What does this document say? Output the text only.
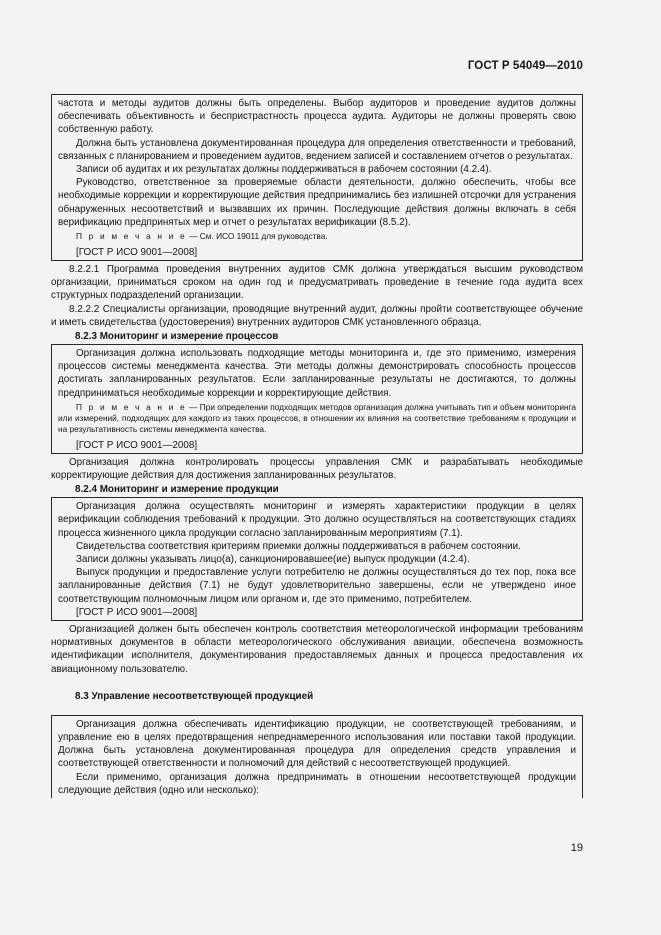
ГОСТ Р 54049—2010

частота и методы аудитов должны быть определены. Выбор аудиторов и проведение аудитов должны обеспечивать объективность и беспристрастность процесса аудита. Аудиторы не должны проверять свою собственную работу.

Должна быть установлена документированная процедура для определения ответственности и требований, связанных с планированием и проведением аудитов, ведением записей и составлением отчетов о результатах.

Записи об аудитах и их результатах должны поддерживаться в рабочем состоянии (4.2.4).

Руководство, ответственное за проверяемые области деятельности, должно обеспечить, чтобы все необходимые коррекции и корректирующие действия предпринимались без излишней отсрочки для устранения обнаруженных несоответствий и вызвавших их причин. Последующие действия должны включать в себя верификацию предпринятых мер и отчет о результатах верификации (8.5.2).

П р и м е ч а н и е — См. ИСО 19011 для руководства.

[ГОСТ Р ИСО 9001—2008]

8.2.2.1 Программа проведения внутренних аудитов СМК должна утверждаться высшим руководством организации, приниматься сроком на один год и предусматривать проведение в течение года аудита всех структурных подразделений организации.

8.2.2.2 Специалисты организации, проводящие внутренний аудит, должны пройти соответствующее обучение и иметь свидетельства (удостоверения) внутренних аудиторов СМК установленного образца.

8.2.3 Мониторинг и измерение процессов

Организация должна использовать подходящие методы мониторинга и, где это применимо, измерения процессов системы менеджмента качества. Эти методы должны демонстрировать способность процессов достигать запланированных результатов. Если запланированные результаты не достигаются, то должны предприниматься необходимые коррекции и корректирующие действия.

П р и м е ч а н и е — При определении подходящих методов организация должна учитывать тип и объем мониторинга или измерений, подходящих для каждого из таких процессов, в отношении их влияния на соответствие требованиям к продукции и на результативность системы менеджмента качества.

[ГОСТ Р ИСО 9001—2008]

Организация должна контролировать процессы управления СМК и разрабатывать необходимые корректирующие действия для достижения запланированных результатов.

8.2.4 Мониторинг и измерение продукции

Организация должна осуществлять мониторинг и измерять характеристики продукции в целях верификации соблюдения требований к продукции. Это должно осуществляться на соответствующих стадиях процесса жизненного цикла продукции согласно запланированным мероприятиям (7.1).

Свидетельства соответствия критериям приемки должны поддерживаться в рабочем состоянии.

Записи должны указывать лицо(а), санкционировавшее(ие) выпуск продукции (4.2.4).

Выпуск продукции и предоставление услуги потребителю не должны осуществляться до тех пор, пока все запланированные действия (7.1) не будут удовлетворительно завершены, если не утверждено иное соответствующим полномочным лицом или органом и, где это применимо, потребителем.

[ГОСТ Р ИСО 9001—2008]

Организацией должен быть обеспечен контроль соответствия метеорологической информации требованиям нормативных документов в области метеорологического обслуживания авиации, обеспечена возможность идентификации исполнителя, документирования предоставляемых данных и процесса предоставления их авиационному пользователю.

8.3 Управление несоответствующей продукцией

Организация должна обеспечивать идентификацию продукции, не соответствующей требованиям, и управление ею в целях предотвращения непреднамеренного использования или поставки такой продукции. Должна быть установлена документированная процедура для определения средств управления и соответствующей ответственности и полномочий для действий с несоответствующей продукцией.

Если применимо, организация должна предпринимать в отношении несоответствующей продукции следующие действия (одно или несколько):

19
